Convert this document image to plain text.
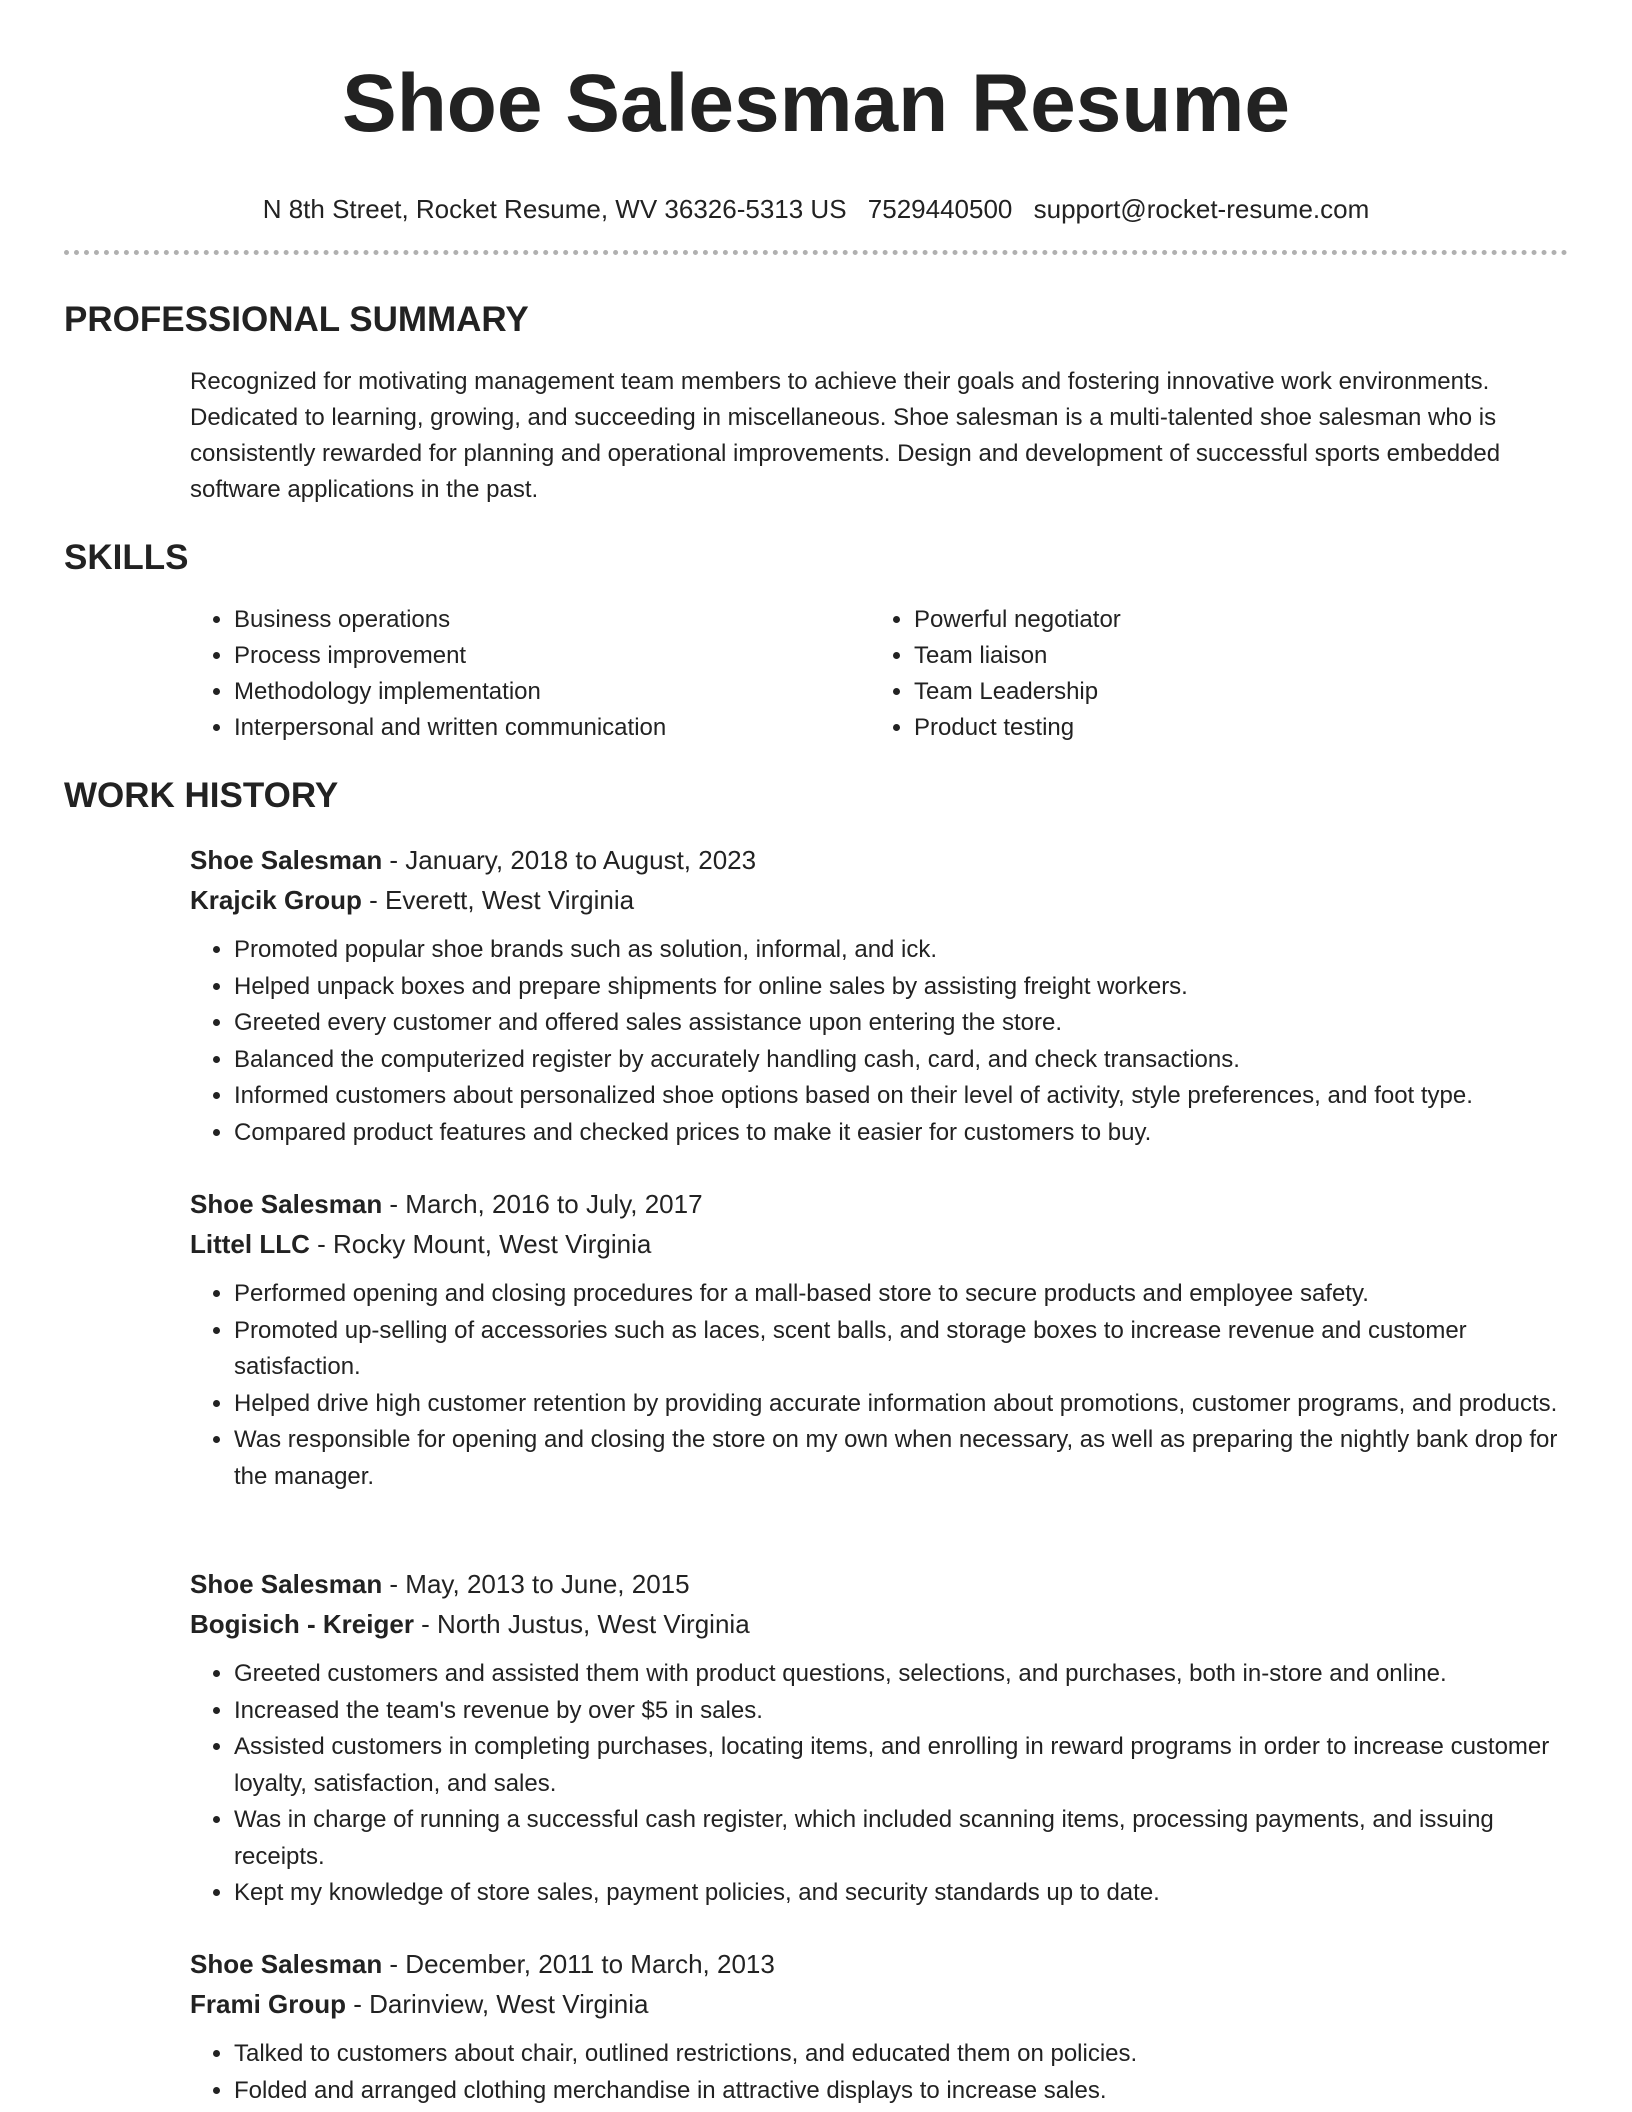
Shoe Salesman Resume
N 8th Street, Rocket Resume, WV 36326-5313 US 7529440500 support@rocket-resume.com
PROFESSIONAL SUMMARY

Recognized for motivating management team members to achieve their goals and fostering innovative work environments. Dedicated to learning, growing, and succeeding in miscellaneous. Shoe salesman is a multi-talented shoe salesman who is consistently rewarded for planning and operational improvements. Design and development of successful sports embedded software applications in the past.

SKILLS
• Business operations
• Process improvement
• Methodology implementation
• Interpersonal and written communication
• Powerful negotiator
• Team liaison
• Team Leadership
• Product testing
WORK HISTORY

Shoe Salesman - January, 2018 to August, 2023

Krajcik Group - Everett, West Virginia

• Promoted popular shoe brands such as solution, informal, and ick.
• Helped unpack boxes and prepare shipments for online sales by assisting freight workers.
• Greeted every customer and offered sales assistance upon entering the store.
• Balanced the computerized register by accurately handling cash, card, and check transactions.
• Informed customers about personalized shoe options based on their level of activity, style preferences, and foot type.
• Compared product features and checked prices to make it easier for customers to buy.

Shoe Salesman - March, 2016 to July, 2017

Littel LLC - Rocky Mount, West Virginia

• Performed opening and closing procedures for a mall-based store to secure products and employee safety.
• Promoted up-selling of accessories such as laces, scent balls, and storage boxes to increase revenue and customer satisfaction.
• Helped drive high customer retention by providing accurate information about promotions, customer programs, and products.
• Was responsible for opening and closing the store on my own when necessary, as well as preparing the nightly bank drop for the manager.

Shoe Salesman - May, 2013 to June, 2015

Bogisich - Kreiger - North Justus, West Virginia

• Greeted customers and assisted them with product questions, selections, and purchases, both in-store and online.
• Increased the team's revenue by over $5 in sales.
• Assisted customers in completing purchases, locating items, and enrolling in reward programs in order to increase customer loyalty, satisfaction, and sales.
• Was in charge of running a successful cash register, which included scanning items, processing payments, and issuing receipts.
• Kept my knowledge of store sales, payment policies, and security standards up to date.

Shoe Salesman - December, 2011 to March, 2013

Frami Group - Darinview, West Virginia

• Talked to customers about chair, outlined restrictions, and educated them on policies.
• Folded and arranged clothing merchandise in attractive displays to increase sales.
